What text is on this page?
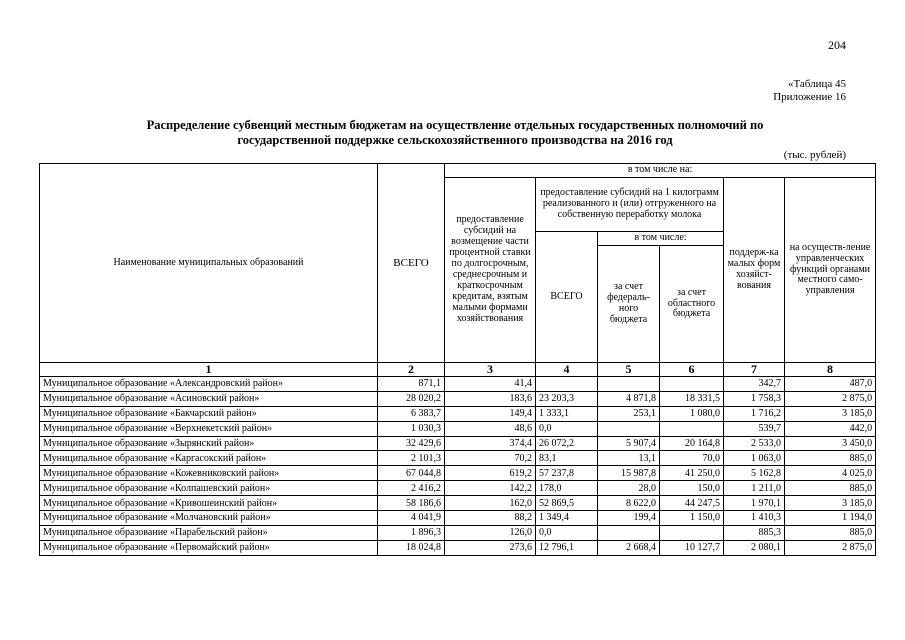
204
«Таблица 45
Приложение 16
Распределение субвенций местным бюджетам на осуществление отдельных государственных полномочий по
государственной поддержке сельскохозяйственного производства на 2016 год
(тыс. рублей)
Наименование муниципальных образований	ВСЕГО	в том числе на:					
		предоставление субсидий на возмещение части процентной ставки по долгосрочным, среднесрочным и краткосрочным кредитам, взятым малыми формами хозяйствования	предоставление субсидий на 1 килограмм реализованного и (или) отгруженного на собственную переработку молока			поддерж-ка малых форм хозяйст-вования	на осуществ-ление управленческих функций органами местного само-управления
			ВСЕГО	в том числе:			
				за счет федераль-ного бюджета	за счет областного бюджета		
1	2	3	4	5	6	7	8
Муниципальное образование «Александровский район»	871,1	41,4				342,7	487,0
Муниципальное образование «Асиновский район»	28 020,2	183,6	23 203,3	4 871,8	18 331,5	1 758,3	2 875,0
Муниципальное образование «Бакчарский район»	6 383,7	149,4	1 333,1	253,1	1 080,0	1 716,2	3 185,0
Муниципальное образование «Верхнекетский район»	1 030,3	48,6	0,0			539,7	442,0
Муниципальное образование «Зырянский район»	32 429,6	374,4	26 072,2	5 907,4	20 164,8	2 533,0	3 450,0
Муниципальное образование «Каргасокский район»	2 101,3	70,2	83,1	13,1	70,0	1 063,0	885,0
Муниципальное образование «Кожевниковский район»	67 044,8	619,2	57 237,8	15 987,8	41 250,0	5 162,8	4 025,0
Муниципальное образование «Колпашевский район»	2 416,2	142,2	178,0	28,0	150,0	1 211,0	885,0
Муниципальное образование «Кривошеинский район»	58 186,6	162,0	52 869,5	8 622,0	44 247,5	1 970,1	3 185,0
Муниципальное образование «Молчановский район»	4 041,9	88,2	1 349,4	199,4	1 150,0	1 410,3	1 194,0
Муниципальное образование «Парабельский район»	1 896,3	126,0	0,0			885,3	885,0
Муниципальное образование «Первомайский район»	18 024,8	273,6	12 796,1	2 668,4	10 127,7	2 080,1	2 875,0
